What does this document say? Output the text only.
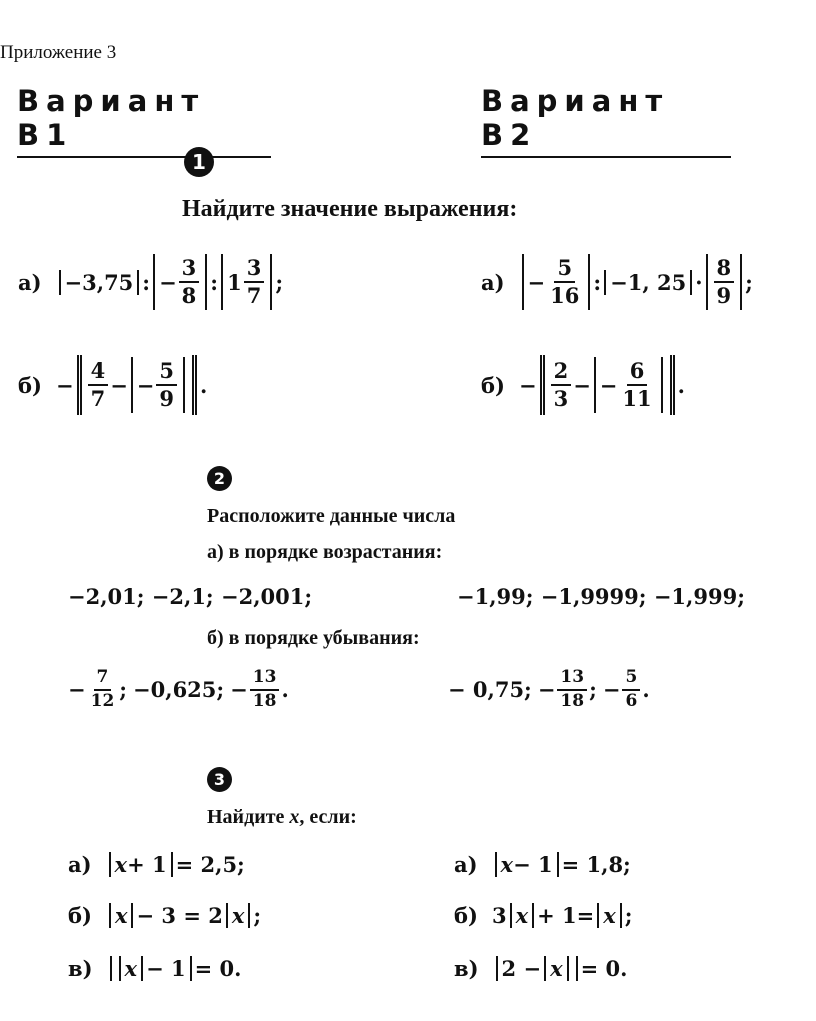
Приложение 3
Вариант В1
Вариант В2
1
Найдите значение выражения:
а) −3,75 : −
3
8
: 1
3
7
;	а) −
5
16
: −1, 25 ·
8
9
;
б) −
4
7
− −
5
9
.	б) −
2
3
− −
6
11
.
2
Расположите данные числа
а) в порядке возрастания:
−2,01; −2,1; −2,001;	−1,99; −1,9999; −1,999;
б) в порядке убывания:
−
7
12 ;
−0,625;
−
13
18 .	− 0,75;
−
13
18 ;
−
5
6 .
3
Найдите x, если:
а) x + 1 = 2,5;	а) x − 1 = 1,8;
б) x − 3 = 2 x ;	б) 3 x + 1= x ;
в) x − 1 = 0.	в) 2 − x = 0.
